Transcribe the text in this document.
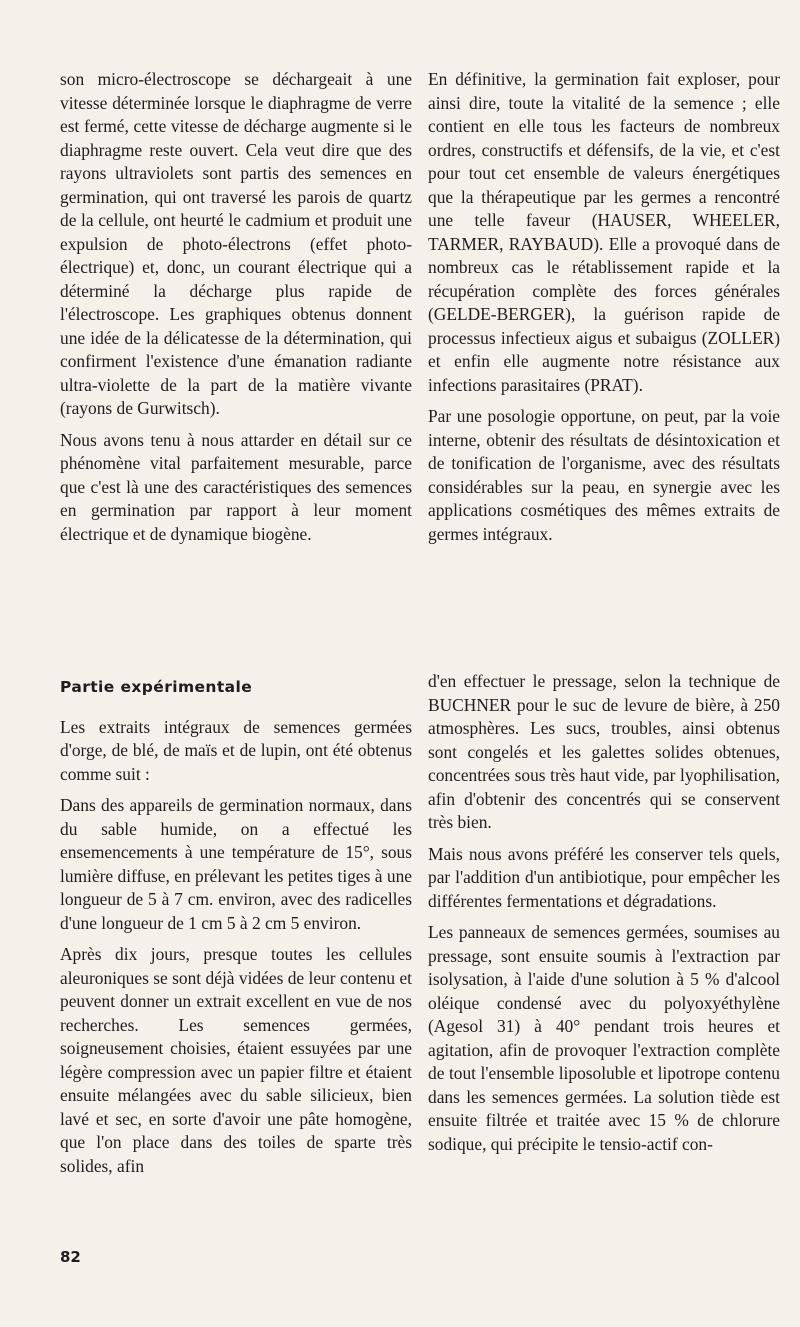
son micro-électroscope se déchargeait à une vitesse déterminée lorsque le diaphragme de verre est fermé, cette vitesse de décharge augmente si le diaphragme reste ouvert. Cela veut dire que des rayons ultraviolets sont partis des semences en germination, qui ont traversé les parois de quartz de la cellule, ont heurté le cadmium et produit une expulsion de photo-électrons (effet photo-électrique) et, donc, un courant électrique qui a déterminé la décharge plus rapide de l'électroscope. Les graphiques obtenus donnent une idée de la délicatesse de la détermination, qui confirment l'existence d'une émanation radiante ultra-violette de la part de la matière vivante (rayons de Gurwitsch).

Nous avons tenu à nous attarder en détail sur ce phénomène vital parfaitement mesurable, parce que c'est là une des caractéristiques des semences en germination par rapport à leur moment électrique et de dynamique biogène.

En définitive, la germination fait exploser, pour ainsi dire, toute la vitalité de la semence ; elle contient en elle tous les facteurs de nombreux ordres, constructifs et défensifs, de la vie, et c'est pour tout cet ensemble de valeurs énergétiques que la thérapeutique par les germes a rencontré une telle faveur (HAUSER, WHEELER, TARMER, RAYBAUD). Elle a provoqué dans de nombreux cas le rétablissement rapide et la récupération complète des forces générales (GELDE-BERGER), la guérison rapide de processus infectieux aigus et subaigus (ZOLLER) et enfin elle augmente notre résistance aux infections parasitaires (PRAT).

Par une posologie opportune, on peut, par la voie interne, obtenir des résultats de désintoxication et de tonification de l'organisme, avec des résultats considérables sur la peau, en synergie avec les applications cosmétiques des mêmes extraits de germes intégraux.

Partie expérimentale

Les extraits intégraux de semences germées d'orge, de blé, de maïs et de lupin, ont été obtenus comme suit :

Dans des appareils de germination normaux, dans du sable humide, on a effectué les ensemencements à une température de 15°, sous lumière diffuse, en prélevant les petites tiges à une longueur de 5 à 7 cm. environ, avec des radicelles d'une longueur de 1 cm 5 à 2 cm 5 environ.

Après dix jours, presque toutes les cellules aleuroniques se sont déjà vidées de leur contenu et peuvent donner un extrait excellent en vue de nos recherches. Les semences germées, soigneusement choisies, étaient essuyées par une légère compression avec un papier filtre et étaient ensuite mélangées avec du sable silicieux, bien lavé et sec, en sorte d'avoir une pâte homogène, que l'on place dans des toiles de sparte très solides, afin

d'en effectuer le pressage, selon la technique de BUCHNER pour le suc de levure de bière, à 250 atmosphères. Les sucs, troubles, ainsi obtenus sont congelés et les galettes solides obtenues, concentrées sous très haut vide, par lyophilisation, afin d'obtenir des concentrés qui se conservent très bien.

Mais nous avons préféré les conserver tels quels, par l'addition d'un antibiotique, pour empêcher les différentes fermentations et dégradations.

Les panneaux de semences germées, soumises au pressage, sont ensuite soumis à l'extraction par isolysation, à l'aide d'une solution à 5 % d'alcool oléique condensé avec du polyoxyéthylène (Agesol 31) à 40° pendant trois heures et agitation, afin de provoquer l'extraction complète de tout l'ensemble liposoluble et lipotrope contenu dans les semences germées. La solution tiède est ensuite filtrée et traitée avec 15 % de chlorure sodique, qui précipite le tensio-actif con-

82
